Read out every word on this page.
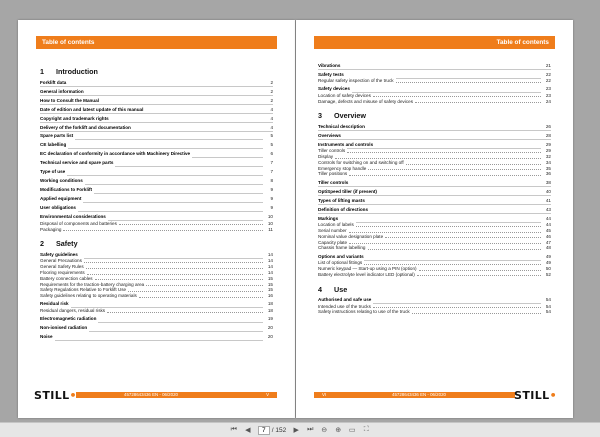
Table of contents
1	Introduction
Forklift data	2
General information	2
How to Consult the Manual	2
Date of edition and latest update of this manual	4
Copyright and trademark rights	4
Delivery of the forklift and documentation	4
Spare parts list	5
CE labelling	5
EC declaration of conformity in accordance with Machinery Directive	6
Technical service and spare parts	7
Type of use	7
Working conditions	8
Modifications to Forklift	9
Applied equipment	9
User obligations	9
Environmental considerations	10
Disposal of components and batteries	10
Packaging	11
2	Safety
Safety guidelines	14
General Precautions	14
General Safety Rules	14
Flooring requirements	14
Battery connection cables	15
Requirements for the traction-battery charging area	15
Safety Regulations Relative to Forklift Use	15
Safety guidelines relating to operating materials	16
Residual risk	18
Residual dangers, residual risks	18
Electromagnetic radiation	19
Non-ionised radiation	20
Noise	20
45728643436 EN - 06/2020	V
STILL•
Table of contents
Vibrations	21
Safety tests	22
Regular safety inspection of the truck	22
Safety devices	23
Location of safety devices	23
Damage, defects and misuse of safety devices	24
3	Overview
Technical description	26
Overviews	28
Instruments and controls	29
Tiller controls	29
Display	32
Controls for switching on and switching off	34
Emergency stop handle	35
Tiller positions	36
Tiller controls	38
OptiSpeed tiller (if present)	40
Types of lifting masts	41
Definition of directions	43
Markings	44
Location of labels	44
Serial number	45
Nominal value designation plate	46
Capacity plate	47
Chassis frame labelling	48
Options and variants	49
List of optional fittings	49
Numeric keypad — Start-up using a PIN (option)	50
Battery electrolyte level indicator LED (optional)	52
4	Use
Authorised and safe use	54
Intended use of the trucks	54
Safety instructions relating to use of the truck	54
VI	45728643436 EN - 06/2020	STILL•
⏮	◀
7	/ 152	▶	⏭	⊖	⊕	▭	⛶
